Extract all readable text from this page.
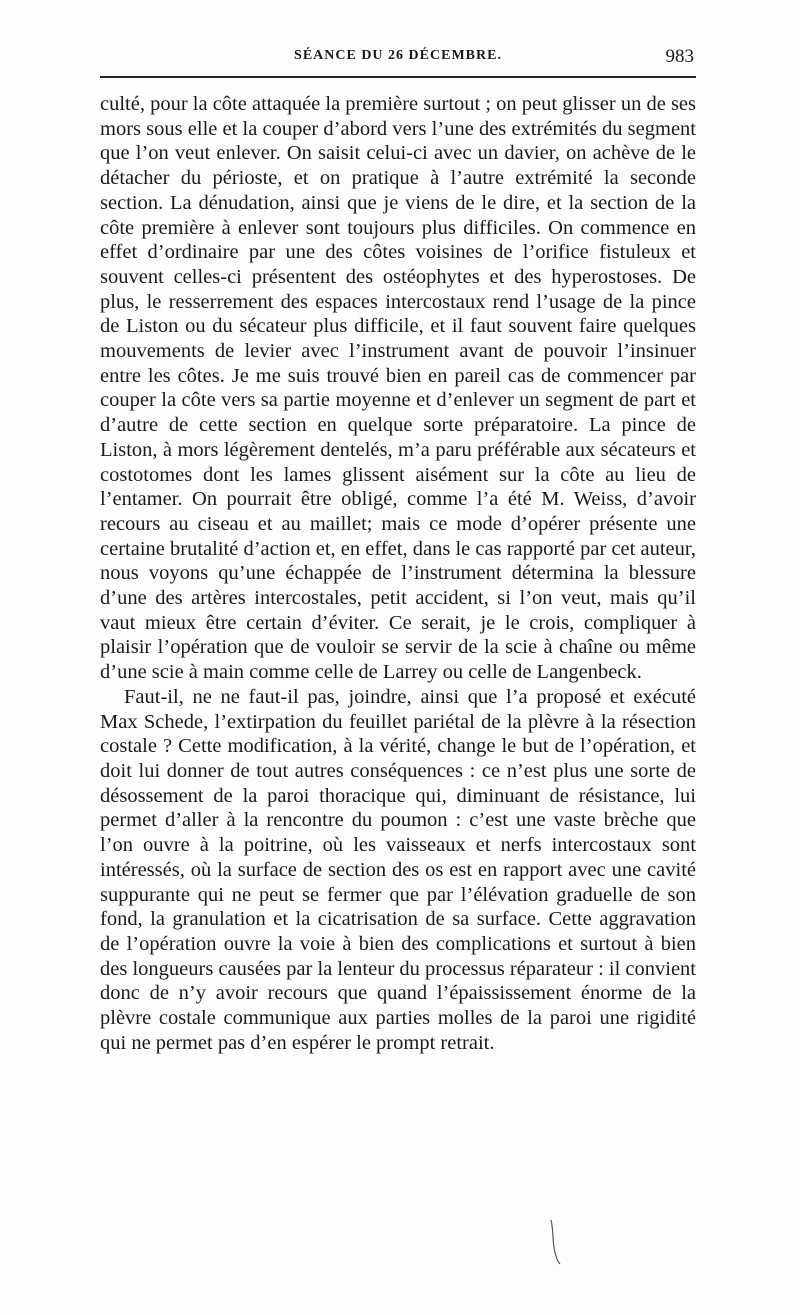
SÉANCE DU 26 DÉCEMBRE.	983

culté, pour la côte attaquée la première surtout ; on peut glisser un de ses mors sous elle et la couper d’abord vers l’une des extrémités du segment que l’on veut enlever. On saisit celui-ci avec un davier, on achève de le détacher du périoste, et on pratique à l’autre extrémité la seconde section. La dénudation, ainsi que je viens de le dire, et la section de la côte première à enlever sont toujours plus difficiles. On commence en effet d’ordinaire par une des côtes voisines de l’orifice fistuleux et souvent celles-ci présentent des ostéophytes et des hyperostoses. De plus, le resserrement des espaces intercostaux rend l’usage de la pince de Liston ou du sécateur plus difficile, et il faut souvent faire quelques mouvements de levier avec l’instrument avant de pouvoir l’insinuer entre les côtes. Je me suis trouvé bien en pareil cas de commencer par couper la côte vers sa partie moyenne et d’enlever un segment de part et d’autre de cette section en quelque sorte préparatoire. La pince de Liston, à mors légèrement dentelés, m’a paru préférable aux sécateurs et costotomes dont les lames glissent aisément sur la côte au lieu de l’entamer. On pourrait être obligé, comme l’a été M. Weiss, d’avoir recours au ciseau et au maillet; mais ce mode d’opérer présente une certaine brutalité d’action et, en effet, dans le cas rapporté par cet auteur, nous voyons qu’une échappée de l’instrument détermina la blessure d’une des artères intercostales, petit accident, si l’on veut, mais qu’il vaut mieux être certain d’éviter. Ce serait, je le crois, compliquer à plaisir l’opération que de vouloir se servir de la scie à chaîne ou même d’une scie à main comme celle de Larrey ou celle de Langenbeck.

Faut-il, ne ne faut-il pas, joindre, ainsi que l’a proposé et exécuté Max Schede, l’extirpation du feuillet pariétal de la plèvre à la résection costale ? Cette modification, à la vérité, change le but de l’opération, et doit lui donner de tout autres conséquences : ce n’est plus une sorte de désossement de la paroi thoracique qui, diminuant de résistance, lui permet d’aller à la rencontre du poumon : c’est une vaste brèche que l’on ouvre à la poitrine, où les vaisseaux et nerfs intercostaux sont intéressés, où la surface de section des os est en rapport avec une cavité suppurante qui ne peut se fermer que par l’élévation graduelle de son fond, la granulation et la cicatrisation de sa surface. Cette aggravation de l’opération ouvre la voie à bien des complications et surtout à bien des longueurs causées par la lenteur du processus réparateur : il convient donc de n’y avoir recours que quand l’épaississement énorme de la plèvre costale communique aux parties molles de la paroi une rigidité qui ne permet pas d’en espérer le prompt retrait.
